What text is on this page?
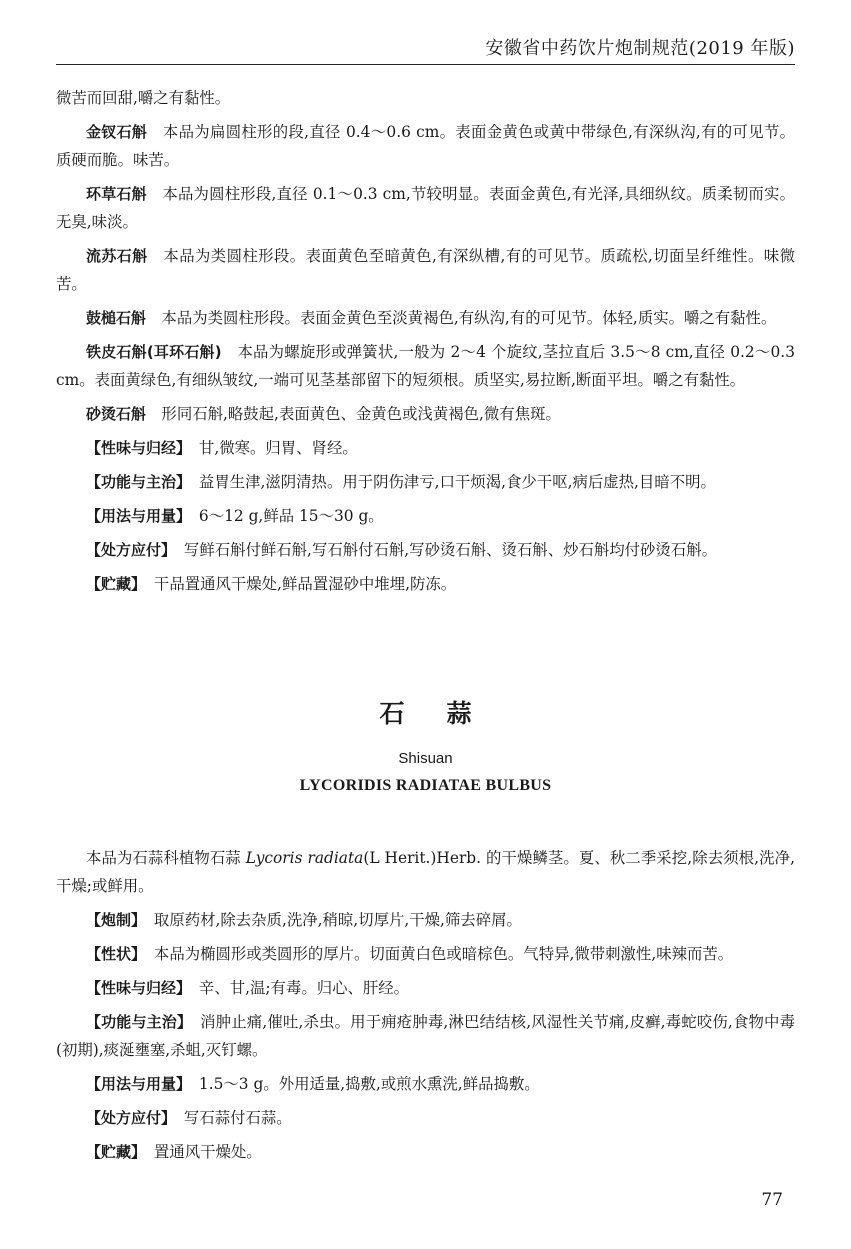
安徽省中药饮片炮制规范(2019 年版)

微苦而回甜,嚼之有黏性。

金钗石斛　 本品为扁圆柱形的段,直径 0.4～0.6 cm。表面金黄色或黄中带绿色,有深纵沟,有的可见节。质硬而脆。味苦。

环草石斛　 本品为圆柱形段,直径 0.1～0.3 cm,节较明显。表面金黄色,有光泽,具细纵纹。质柔韧而实。无臭,味淡。

流苏石斛　 本品为类圆柱形段。表面黄色至暗黄色,有深纵槽,有的可见节。质疏松,切面呈纤维性。味微苦。

鼓槌石斛　 本品为类圆柱形段。表面金黄色至淡黄褐色,有纵沟,有的可见节。体轻,质实。嚼之有黏性。

铁皮石斛(耳环石斛)　 本品为螺旋形或弹簧状,一般为 2～4 个旋纹,茎拉直后 3.5～8 cm,直径 0.2～0.3 cm。表面黄绿色,有细纵皱纹,一端可见茎基部留下的短须根。质坚实,易拉断,断面平坦。嚼之有黏性。

砂烫石斛　 形同石斛,略鼓起,表面黄色、金黄色或浅黄褐色,微有焦斑。

【性味与归经】　 甘,微寒。归胃、肾经。

【功能与主治】　 益胃生津,滋阴清热。用于阴伤津亏,口干烦渴,食少干呕,病后虚热,目暗不明。

【用法与用量】　 6～12 g,鲜品 15～30 g。

【处方应付】　 写鲜石斛付鲜石斛,写石斛付石斛,写砂烫石斛、烫石斛、炒石斛均付砂烫石斛。

【贮藏】　 干品置通风干燥处,鲜品置湿砂中堆埋,防冻。

石蒜
Shisuan
LYCORIDIS RADIATAE BULBUS

本品为石蒜科植物石蒜 Lycoris radiata(L Herit.)Herb. 的干燥鳞茎。夏、秋二季采挖,除去须根,洗净,干燥;或鲜用。

【炮制】　 取原药材,除去杂质,洗净,稍晾,切厚片,干燥,筛去碎屑。

【性状】　 本品为椭圆形或类圆形的厚片。切面黄白色或暗棕色。气特异,微带刺激性,味辣而苦。

【性味与归经】　 辛、甘,温;有毒。归心、肝经。

【功能与主治】　 消肿止痛,催吐,杀虫。用于痈疮肿毒,淋巴结结核,风湿性关节痛,皮癣,毒蛇咬伤,食物中毒(初期),痰涎壅塞,杀蛆,灭钉螺。

【用法与用量】　 1.5～3 g。外用适量,捣敷,或煎水熏洗,鲜品捣敷。

【处方应付】　 写石蒜付石蒜。

【贮藏】　 置通风干燥处。

77
